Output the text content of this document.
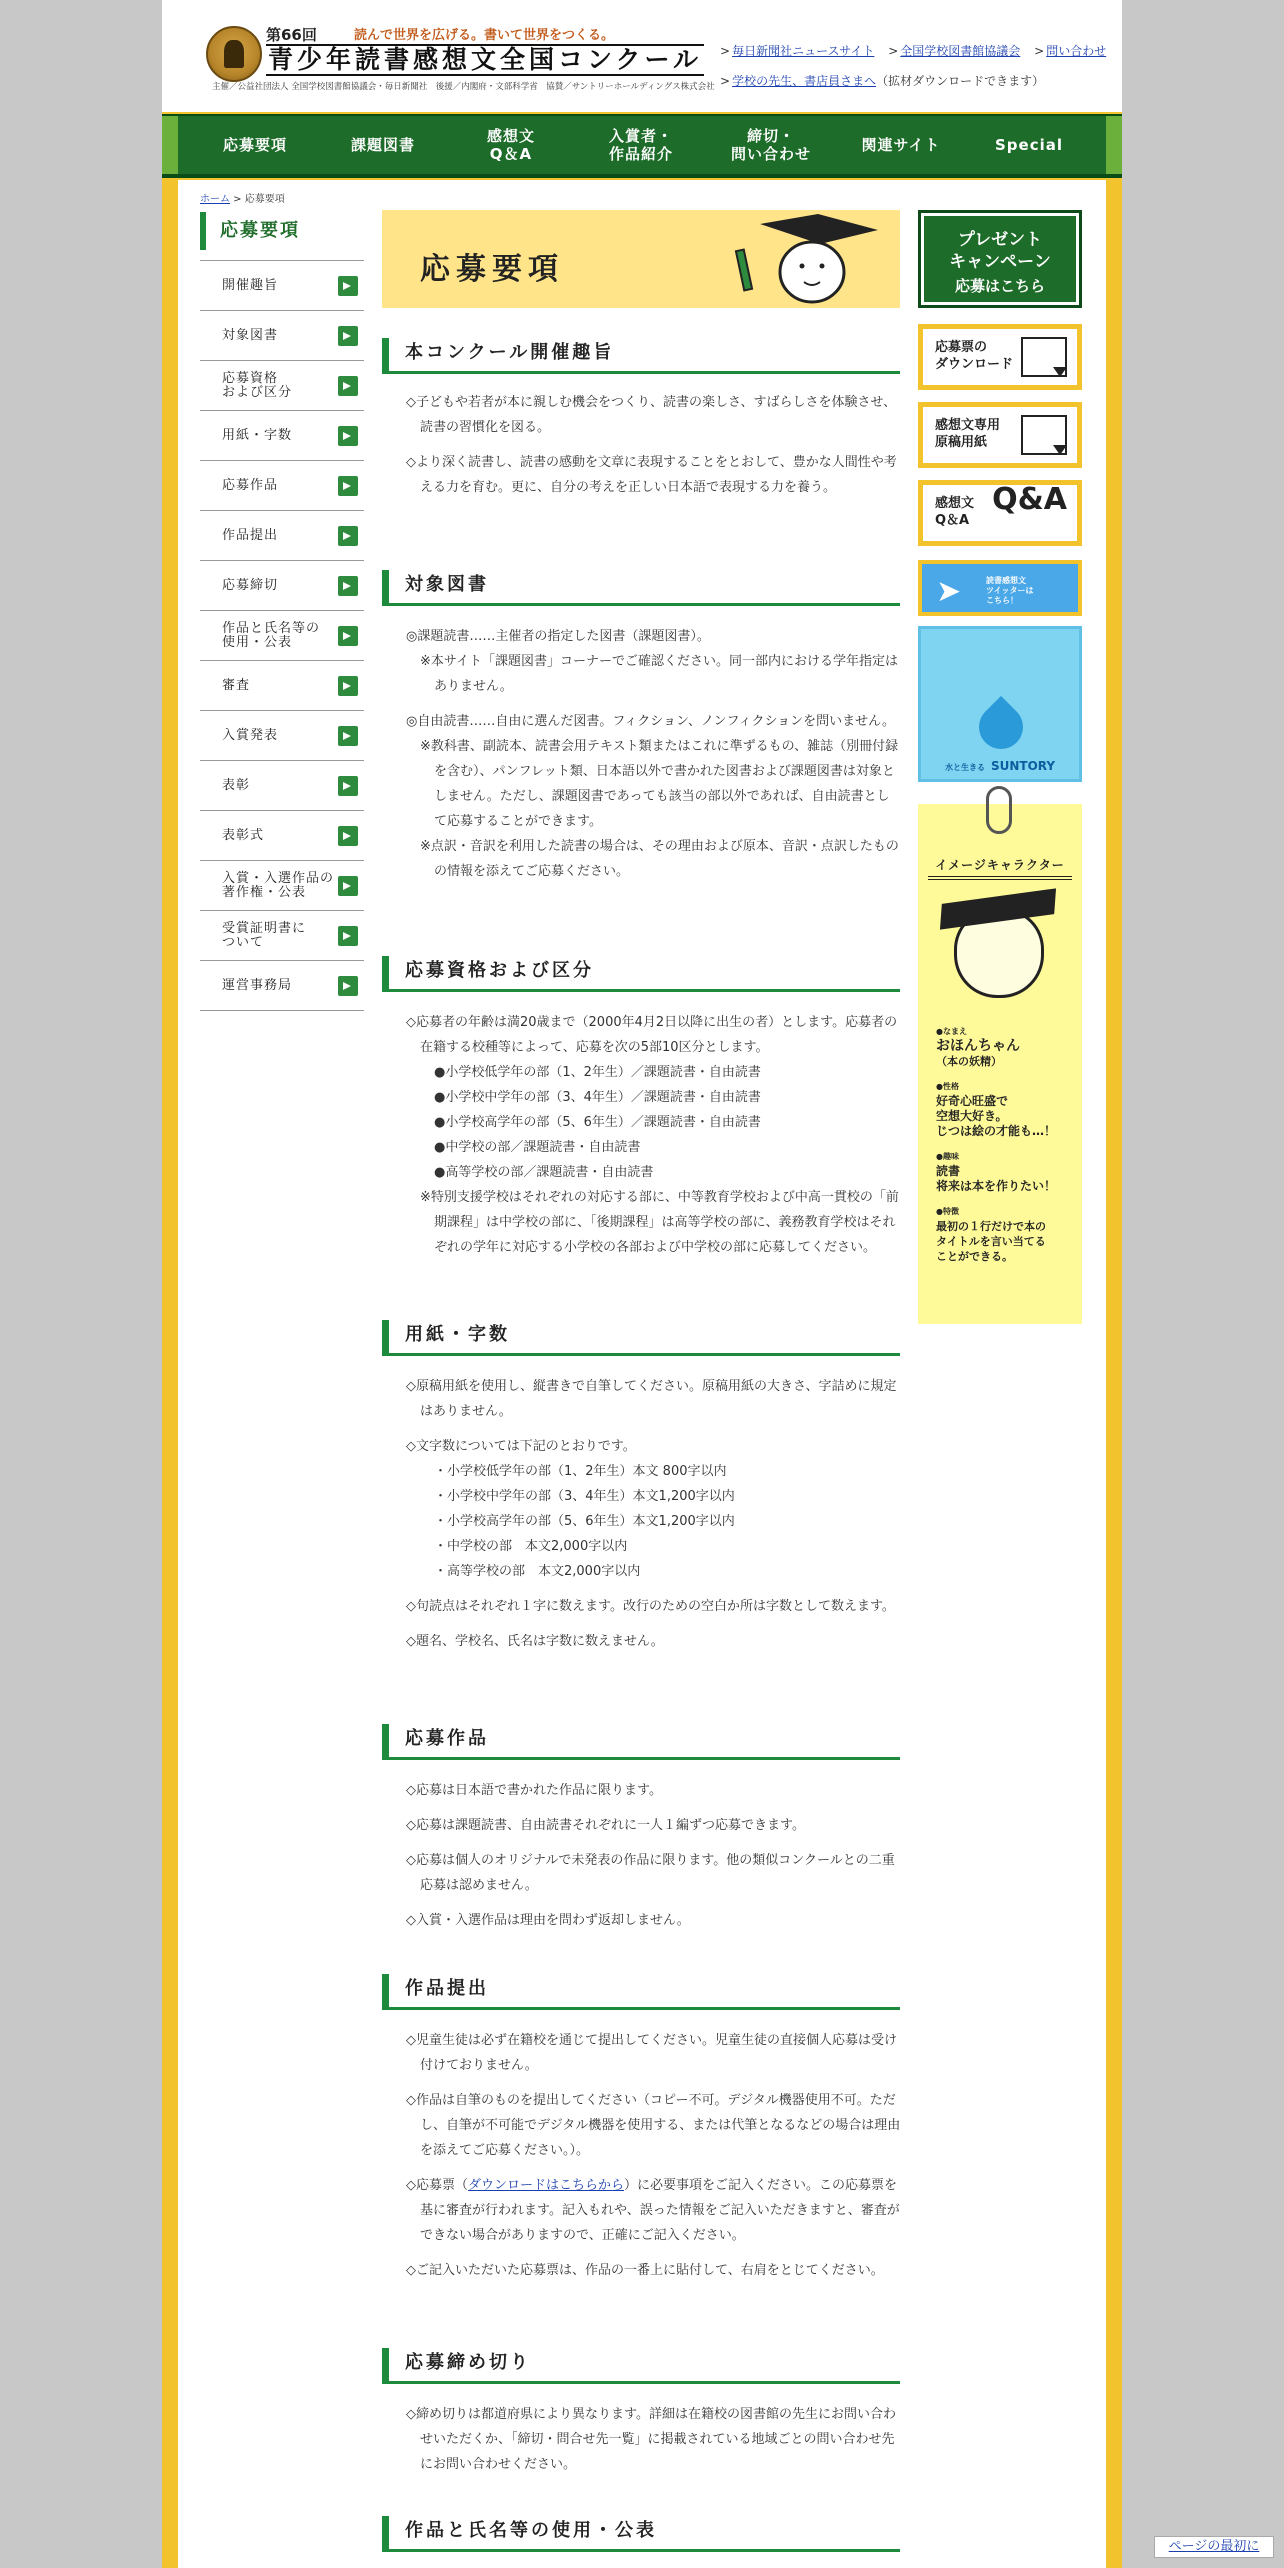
第66回	読んで世界を広げる。書いて世界をつくる。
青少年読書感想文全国コンクール
主催／公益社団法人 全国学校図書館協議会・毎日新聞社　後援／内閣府・文部科学省　協賛／サントリーホールディングス株式会社
> 毎日新聞社ニュースサイト > 全国学校図書館協議会 > 問い合わせ
> 学校の先生、書店員さまへ（拡材ダウンロードできます）
応募要項	課題図書	感想文
Q＆A
入賞者・
作品紹介
締切・
問い合わせ	関連サイト	Special
ホーム > 応募要項
応募要項
開催趣旨
対象図書
応募資格
および区分
用紙・字数
応募作品
作品提出
応募締切
作品と氏名等の
使用・公表
審査
入賞発表
表彰
表彰式
入賞・入選作品の
著作権・公表
受賞証明書に
ついて
運営事務局
応募要項
本コンクール開催趣旨

◇子どもや若者が本に親しむ機会をつくり、読書の楽しさ、すばらしさを体験させ、読書の習慣化を図る。

◇より深く読書し、読書の感動を文章に表現することをとおして、豊かな人間性や考える力を育む。更に、自分の考えを正しい日本語で表現する力を養う。

対象図書

◎課題読書……主催者の指定した図書（課題図書）。

※本サイト「課題図書」コーナーでご確認ください。同一部内における学年指定はありません。

◎自由読書……自由に選んだ図書。フィクション、ノンフィクションを問いません。

※教科書、副読本、読書会用テキスト類またはこれに準ずるもの、雑誌（別冊付録を含む）、パンフレット類、日本語以外で書かれた図書および課題図書は対象としません。ただし、課題図書であっても該当の部以外であれば、自由読書として応募することができます。

※点訳・音訳を利用した読書の場合は、その理由および原本、音訳・点訳したものの情報を添えてご応募ください。

応募資格および区分

◇応募者の年齢は満20歳まで（2000年4月2日以降に出生の者）とします。応募者の在籍する校種等によって、応募を次の5部10区分とします。

●小学校低学年の部（1、2年生）／課題読書・自由読書
●小学校中学年の部（3、4年生）／課題読書・自由読書
●小学校高学年の部（5、6年生）／課題読書・自由読書
●中学校の部／課題読書・自由読書
●高等学校の部／課題読書・自由読書

※特別支援学校はそれぞれの対応する部に、中等教育学校および中高一貫校の「前期課程」は中学校の部に、「後期課程」は高等学校の部に、義務教育学校はそれぞれの学年に対応する小学校の各部および中学校の部に応募してください。

用紙・字数

◇原稿用紙を使用し、縦書きで自筆してください。原稿用紙の大きさ、字詰めに規定はありません。

◇文字数については下記のとおりです。

・小学校低学年の部（1、2年生）本文 800字以内
・小学校中学年の部（3、4年生）本文1,200字以内
・小学校高学年の部（5、6年生）本文1,200字以内
・中学校の部　本文2,000字以内
・高等学校の部　本文2,000字以内

◇句読点はそれぞれ１字に数えます。改行のための空白か所は字数として数えます。

◇題名、学校名、氏名は字数に数えません。

応募作品

◇応募は日本語で書かれた作品に限ります。

◇応募は課題読書、自由読書それぞれに一人１編ずつ応募できます。

◇応募は個人のオリジナルで未発表の作品に限ります。他の類似コンクールとの二重応募は認めません。

◇入賞・入選作品は理由を問わず返却しません。

作品提出

◇児童生徒は必ず在籍校を通じて提出してください。児童生徒の直接個人応募は受け付けておりません。

◇作品は自筆のものを提出してください（コピー不可。デジタル機器使用不可。ただし、自筆が不可能でデジタル機器を使用する、または代筆となるなどの場合は理由を添えてご応募ください。）。

◇応募票（ダウンロードはこちらから）に必要事項をご記入ください。この応募票を基に審査が行われます。記入もれや、誤った情報をご記入いただきますと、審査ができない場合がありますので、正確にご記入ください。

◇ご記入いただいた応募票は、作品の一番上に貼付して、右肩をとじてください。

応募締め切り

◇締め切りは都道府県により異なります。詳細は在籍校の図書館の先生にお問い合わせいただくか、「締切・問合せ先一覧」に掲載されている地域ごとの問い合わせ先にお問い合わせください。

作品と氏名等の使用・公表
プレゼント
キャンペーン
応募はこちら
応募票の
ダウンロード
感想文専用
原稿用紙
感想文
Q＆A
Q&A
➤	読書感想文
ツイッターは
こちら！
水と生きる SUNTORY
イメージキャラクター
●なまえ
おほんちゃん
（本の妖精）
●性格
好奇心旺盛で
空想大好き。
じつは絵の才能も…！
●趣味
読書
将来は本を作りたい！
●特徴
最初の１行だけで本の
タイトルを言い当てる
ことができる。
ページの最初に
